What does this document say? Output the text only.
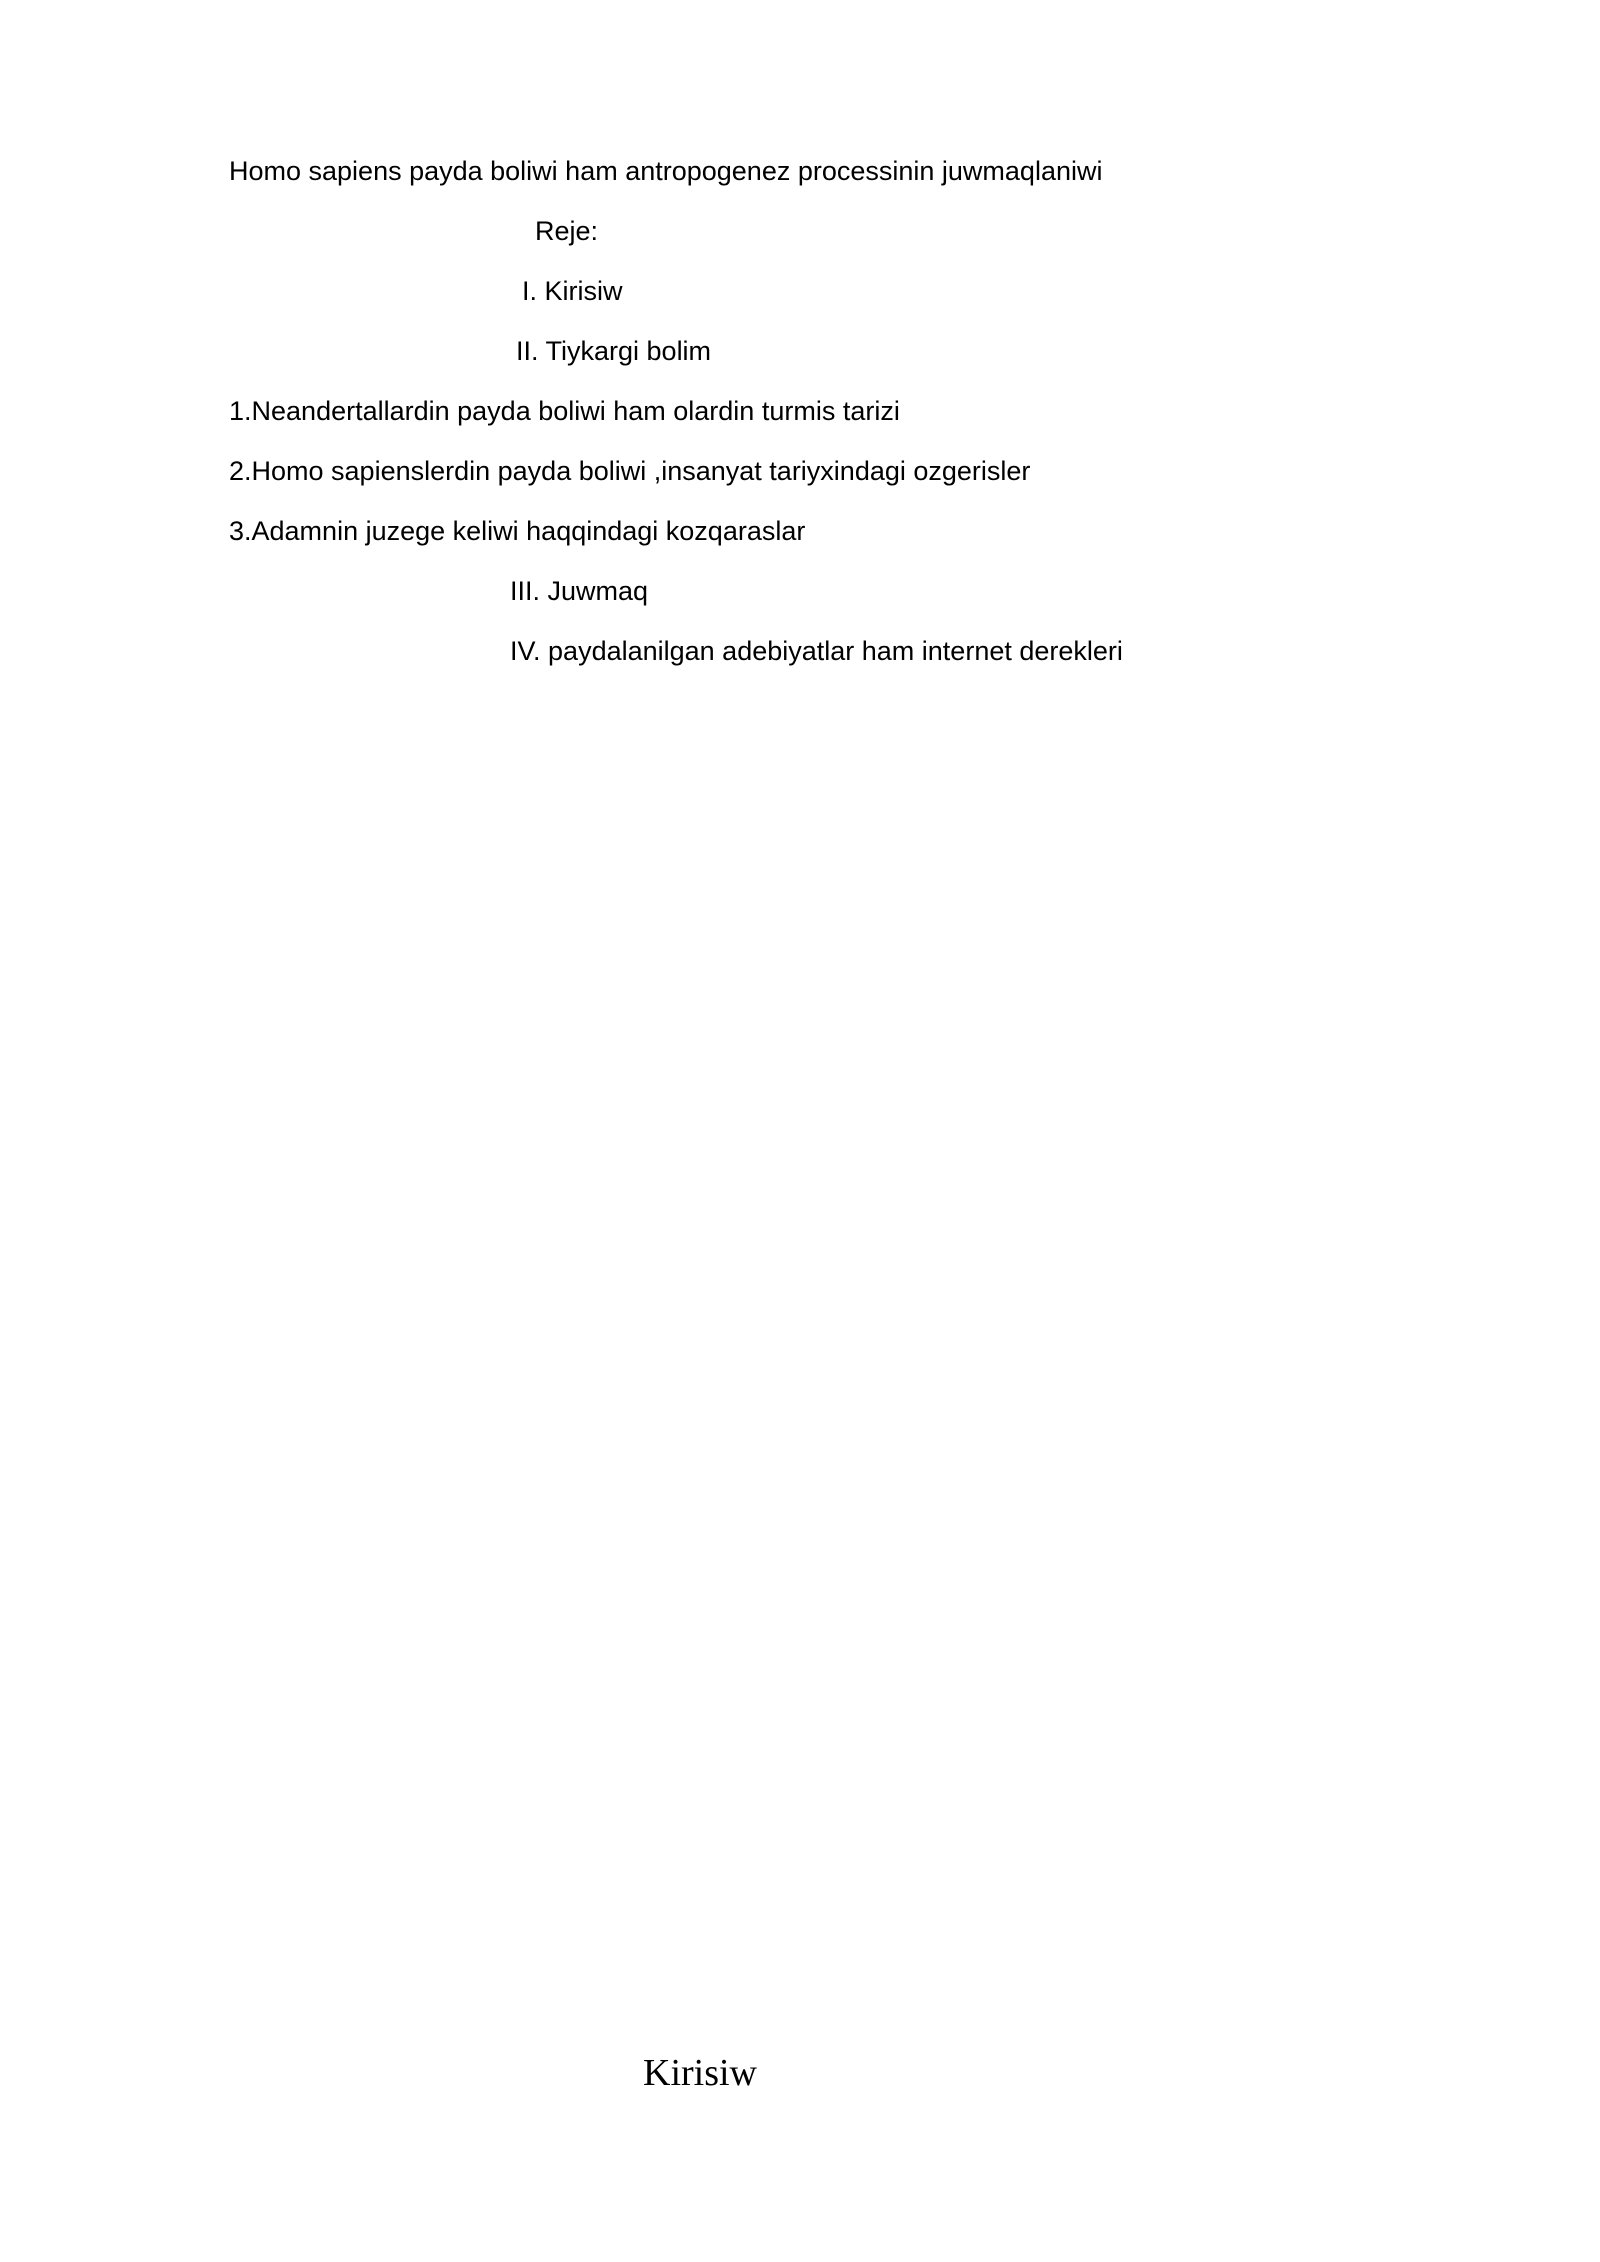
Homo sapiens payda boliwi ham antropogenez processinin juwmaqlaniwi
Reje:
I. Kirisiw
II. Tiykargi bolim
1.Neandertallardin payda boliwi ham olardin turmis tarizi
2.Homo sapienslerdin payda boliwi ,insanyat tariyxindagi ozgerisler
3.Adamnin juzege keliwi haqqindagi kozqaraslar
III. Juwmaq
IV. paydalanilgan adebiyatlar ham internet derekleri
Kirisiw
